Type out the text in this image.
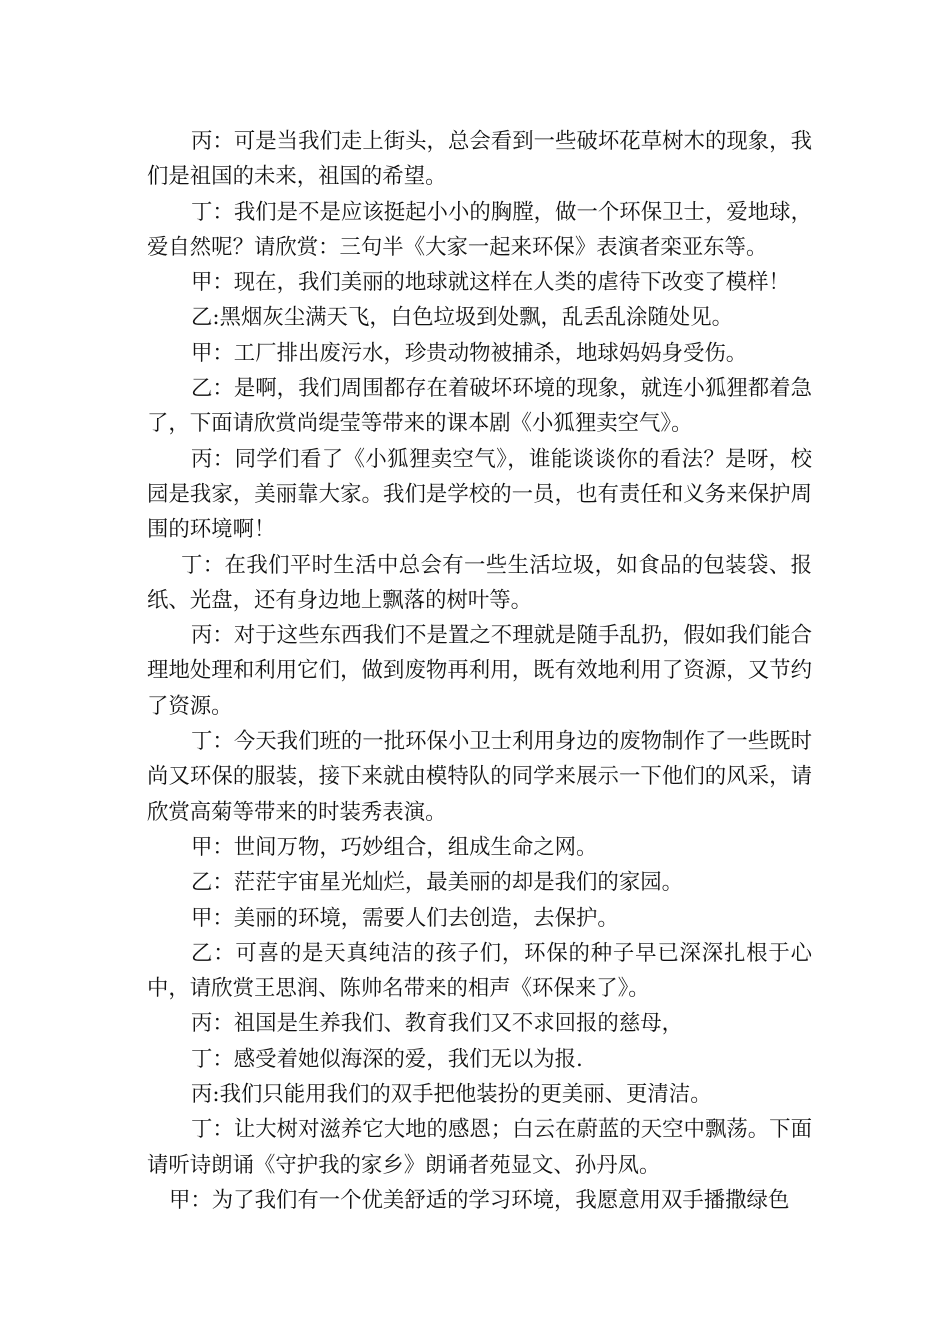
丙：可是当我们走上街头，总会看到一些破坏花草树木的现象，我们是祖国的未来，祖国的希望。

丁：我们是不是应该挺起小小的胸膛，做一个环保卫士，爱地球，爱自然呢？请欣赏：三句半《大家一起来环保》表演者栾亚东等。

甲：现在，我们美丽的地球就这样在人类的虐待下改变了模样！

乙:黑烟灰尘满天飞，白色垃圾到处飘，乱丢乱涂随处见。

甲：工厂排出废污水，珍贵动物被捕杀，地球妈妈身受伤。

乙：是啊，我们周围都存在着破坏环境的现象，就连小狐狸都着急了，下面请欣赏尚缇莹等带来的课本剧《小狐狸卖空气》。

丙：同学们看了《小狐狸卖空气》，谁能谈谈你的看法？是呀，校园是我家，美丽靠大家。我们是学校的一员，也有责任和义务来保护周围的环境啊！

丁：在我们平时生活中总会有一些生活垃圾，如食品的包装袋、报纸、光盘，还有身边地上飘落的树叶等。

丙：对于这些东西我们不是置之不理就是随手乱扔，假如我们能合理地处理和利用它们，做到废物再利用，既有效地利用了资源，又节约了资源。

丁：今天我们班的一批环保小卫士利用身边的废物制作了一些既时尚又环保的服装，接下来就由模特队的同学来展示一下他们的风采，请欣赏高菊等带来的时装秀表演。

甲：世间万物，巧妙组合，组成生命之网。

乙：茫茫宇宙星光灿烂，最美丽的却是我们的家园。

甲：美丽的环境，需要人们去创造，去保护。

乙：可喜的是天真纯洁的孩子们，环保的种子早已深深扎根于心中，请欣赏王思润、陈帅名带来的相声《环保来了》。

丙：祖国是生养我们、教育我们又不求回报的慈母，

丁：感受着她似海深的爱，我们无以为报.

丙:我们只能用我们的双手把他装扮的更美丽、更清洁。

丁：让大树对滋养它大地的感恩；白云在蔚蓝的天空中飘荡。下面请听诗朗诵《守护我的家乡》朗诵者苑显文、孙丹凤。

甲：为了我们有一个优美舒适的学习环境，我愿意用双手播撒绿色
